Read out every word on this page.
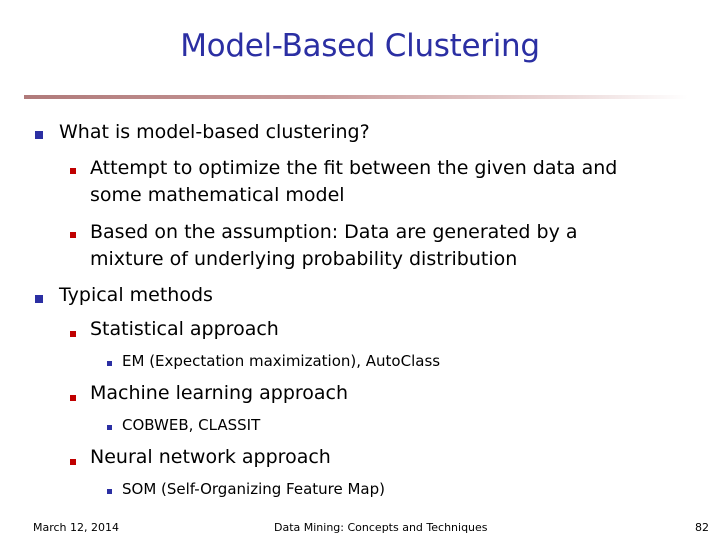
Model-Based Clustering
What is model-based clustering?
Attempt to optimize the fit between the given data and
some mathematical model
Based on the assumption: Data are generated by a
mixture of underlying probability distribution
Typical methods
Statistical approach
EM (Expectation maximization), AutoClass
Machine learning approach
COBWEB, CLASSIT
Neural network approach
SOM (Self-Organizing Feature Map)
March 12, 2014	Data Mining: Concepts and Techniques	82
